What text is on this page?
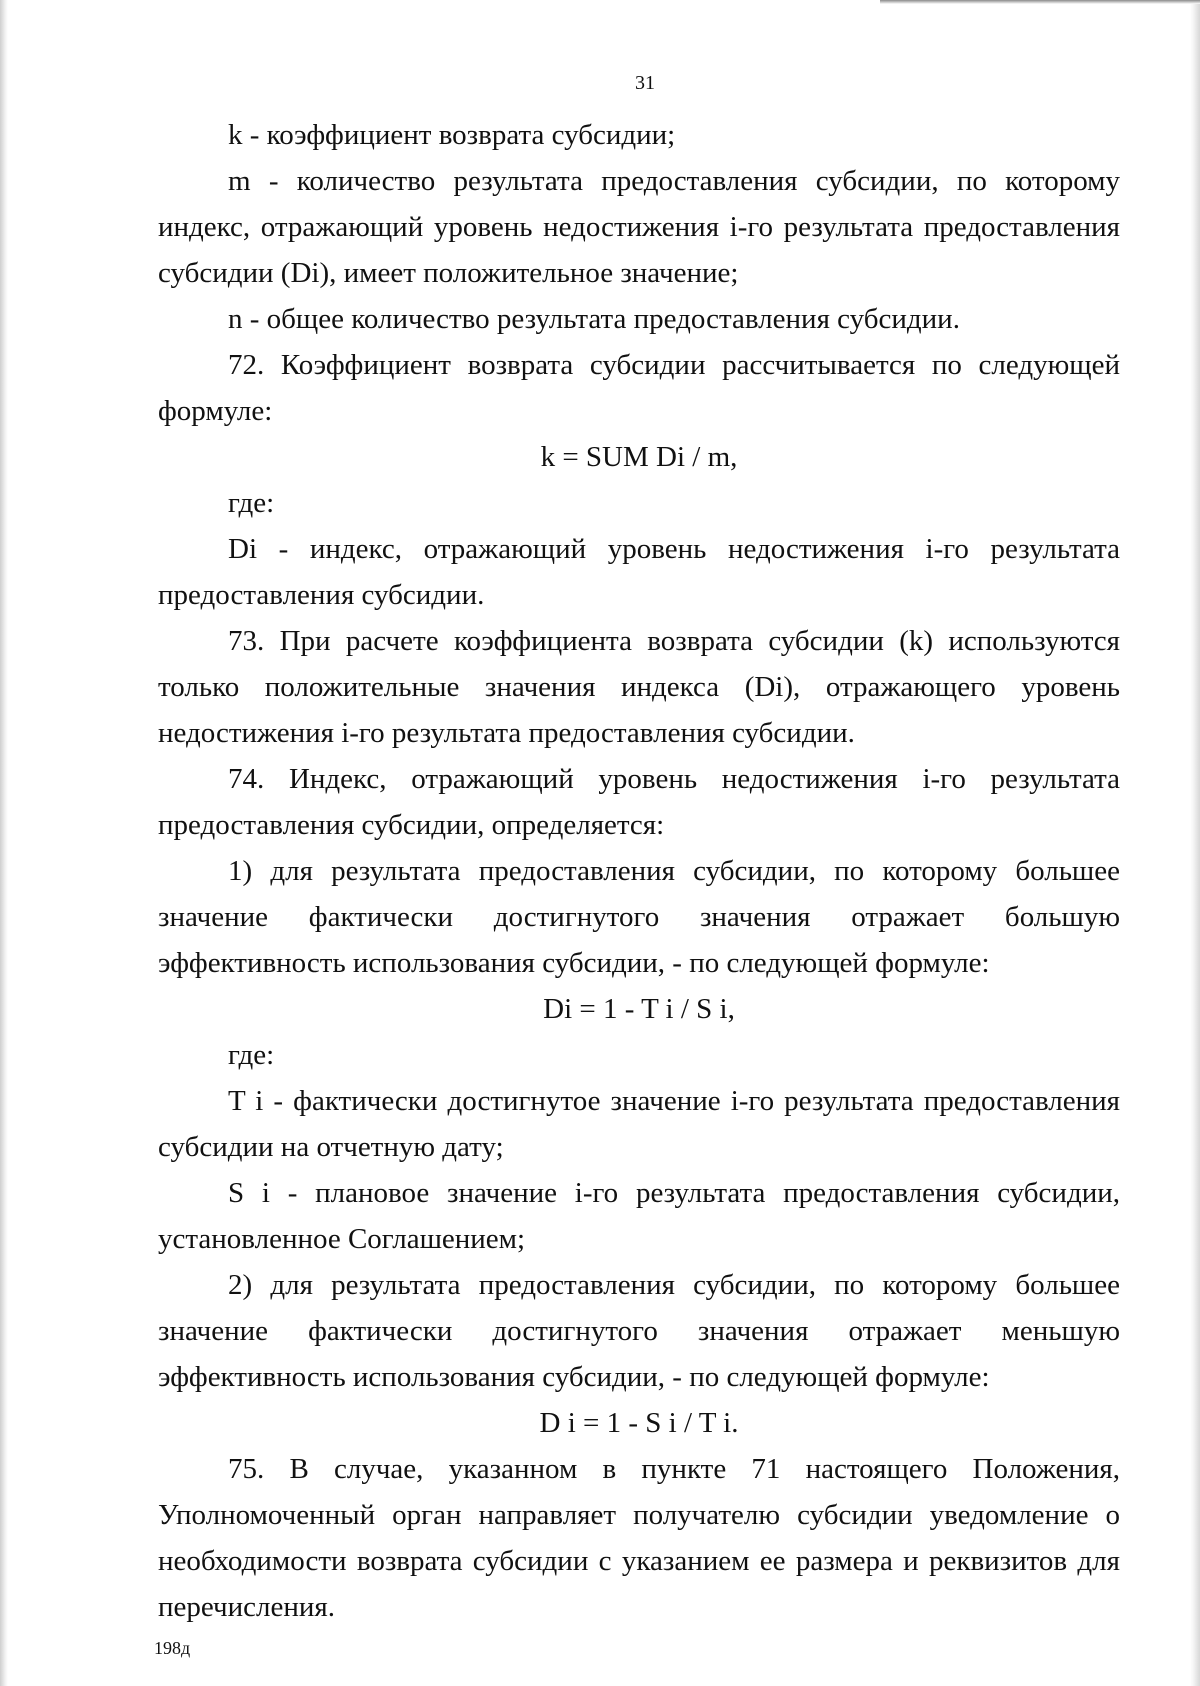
31

k - коэффициент возврата субсидии;

m - количество результата предоставления субсидии, по которому индекс, отражающий уровень недостижения i-го результата предоставления субсидии (Di), имеет положительное значение;

n - общее количество результата предоставления субсидии.

72. Коэффициент возврата субсидии рассчитывается по следующей формуле:

k = SUM Di / m,

где:

Di - индекс, отражающий уровень недостижения i-го результата предоставления субсидии.

73. При расчете коэффициента возврата субсидии (k) используются только положительные значения индекса (Di), отражающего уровень недостижения i-го результата предоставления субсидии.

74. Индекс, отражающий уровень недостижения i-го результата предоставления субсидии, определяется:

1) для результата предоставления субсидии, по которому большее значение фактически достигнутого значения отражает большую эффективность использования субсидии, - по следующей формуле:

Di = 1 - T i / S i,

где:

T i - фактически достигнутое значение i-го результата предоставления субсидии на отчетную дату;

S i - плановое значение i-го результата предоставления субсидии, установленное Соглашением;

2) для результата предоставления субсидии, по которому большее значение фактически достигнутого значения отражает меньшую эффективность использования субсидии, - по следующей формуле:

D i = 1 - S i / T i.

75. В случае, указанном в пункте 71 настоящего Положения, Уполномоченный орган направляет получателю субсидии уведомление о необходимости возврата субсидии с указанием ее размера и реквизитов для перечисления.

198д
